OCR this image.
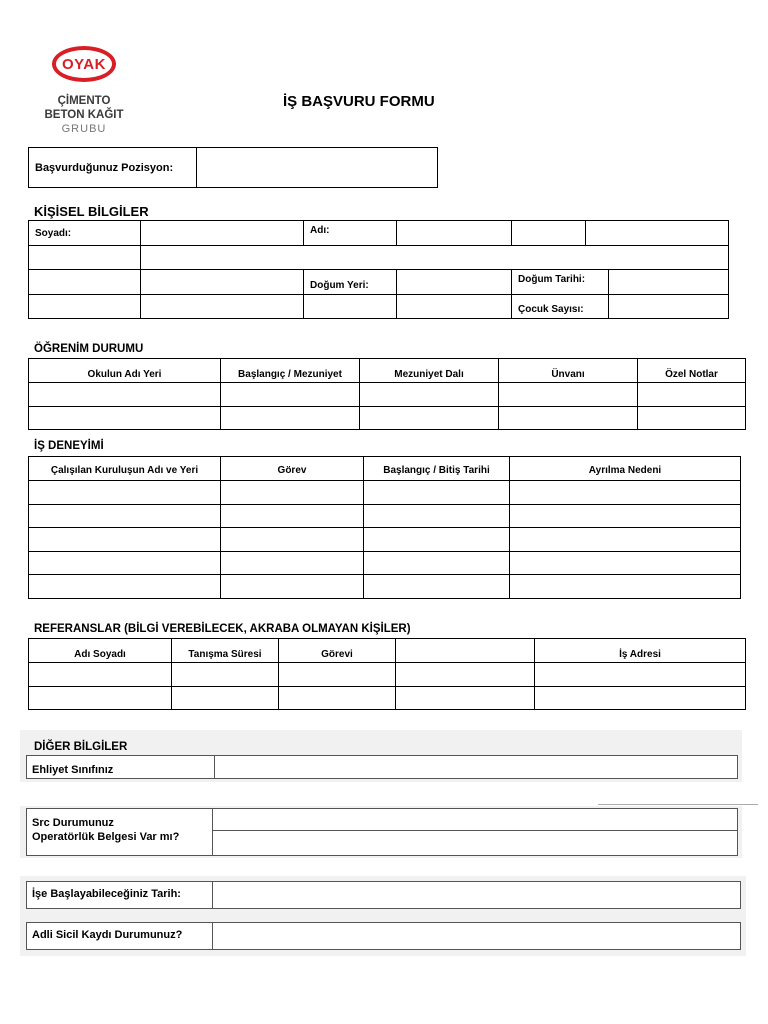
OYAK
ÇİMENTO
BETON KAĞIT
GRUBU
İŞ BAŞVURU FORMU
Başvurduğunuz Pozisyon:	
KİŞİSEL BİLGİLER
Soyadı:		Adı:				

		Doğum Yeri:		Doğum Tarihi:		
				Çocuk Sayısı:		
ÖĞRENİM DURUMU
Okulun Adı Yeri	Başlangıç / Mezuniyet	Mezuniyet Dalı	Ünvanı	Özel Notlar

İŞ DENEYİMİ
Çalışılan Kuruluşun Adı ve Yeri	Görev	Başlangıç / Bitiş Tarihi	Ayrılma Nedeni

REFERANSLAR (BİLGİ VEREBİLECEK, AKRABA OLMAYAN KİŞİLER)
Adı Soyadı	Tanışma Süresi	Görevi		İş Adresi

DİĞER BİLGİLER
Ehliyet Sınıfınız
Src Durumunuz
Operatörlük Belgesi Var mı?
İşe Başlayabileceğiniz Tarih:
Adli Sicil Kaydı Durumunuz?
